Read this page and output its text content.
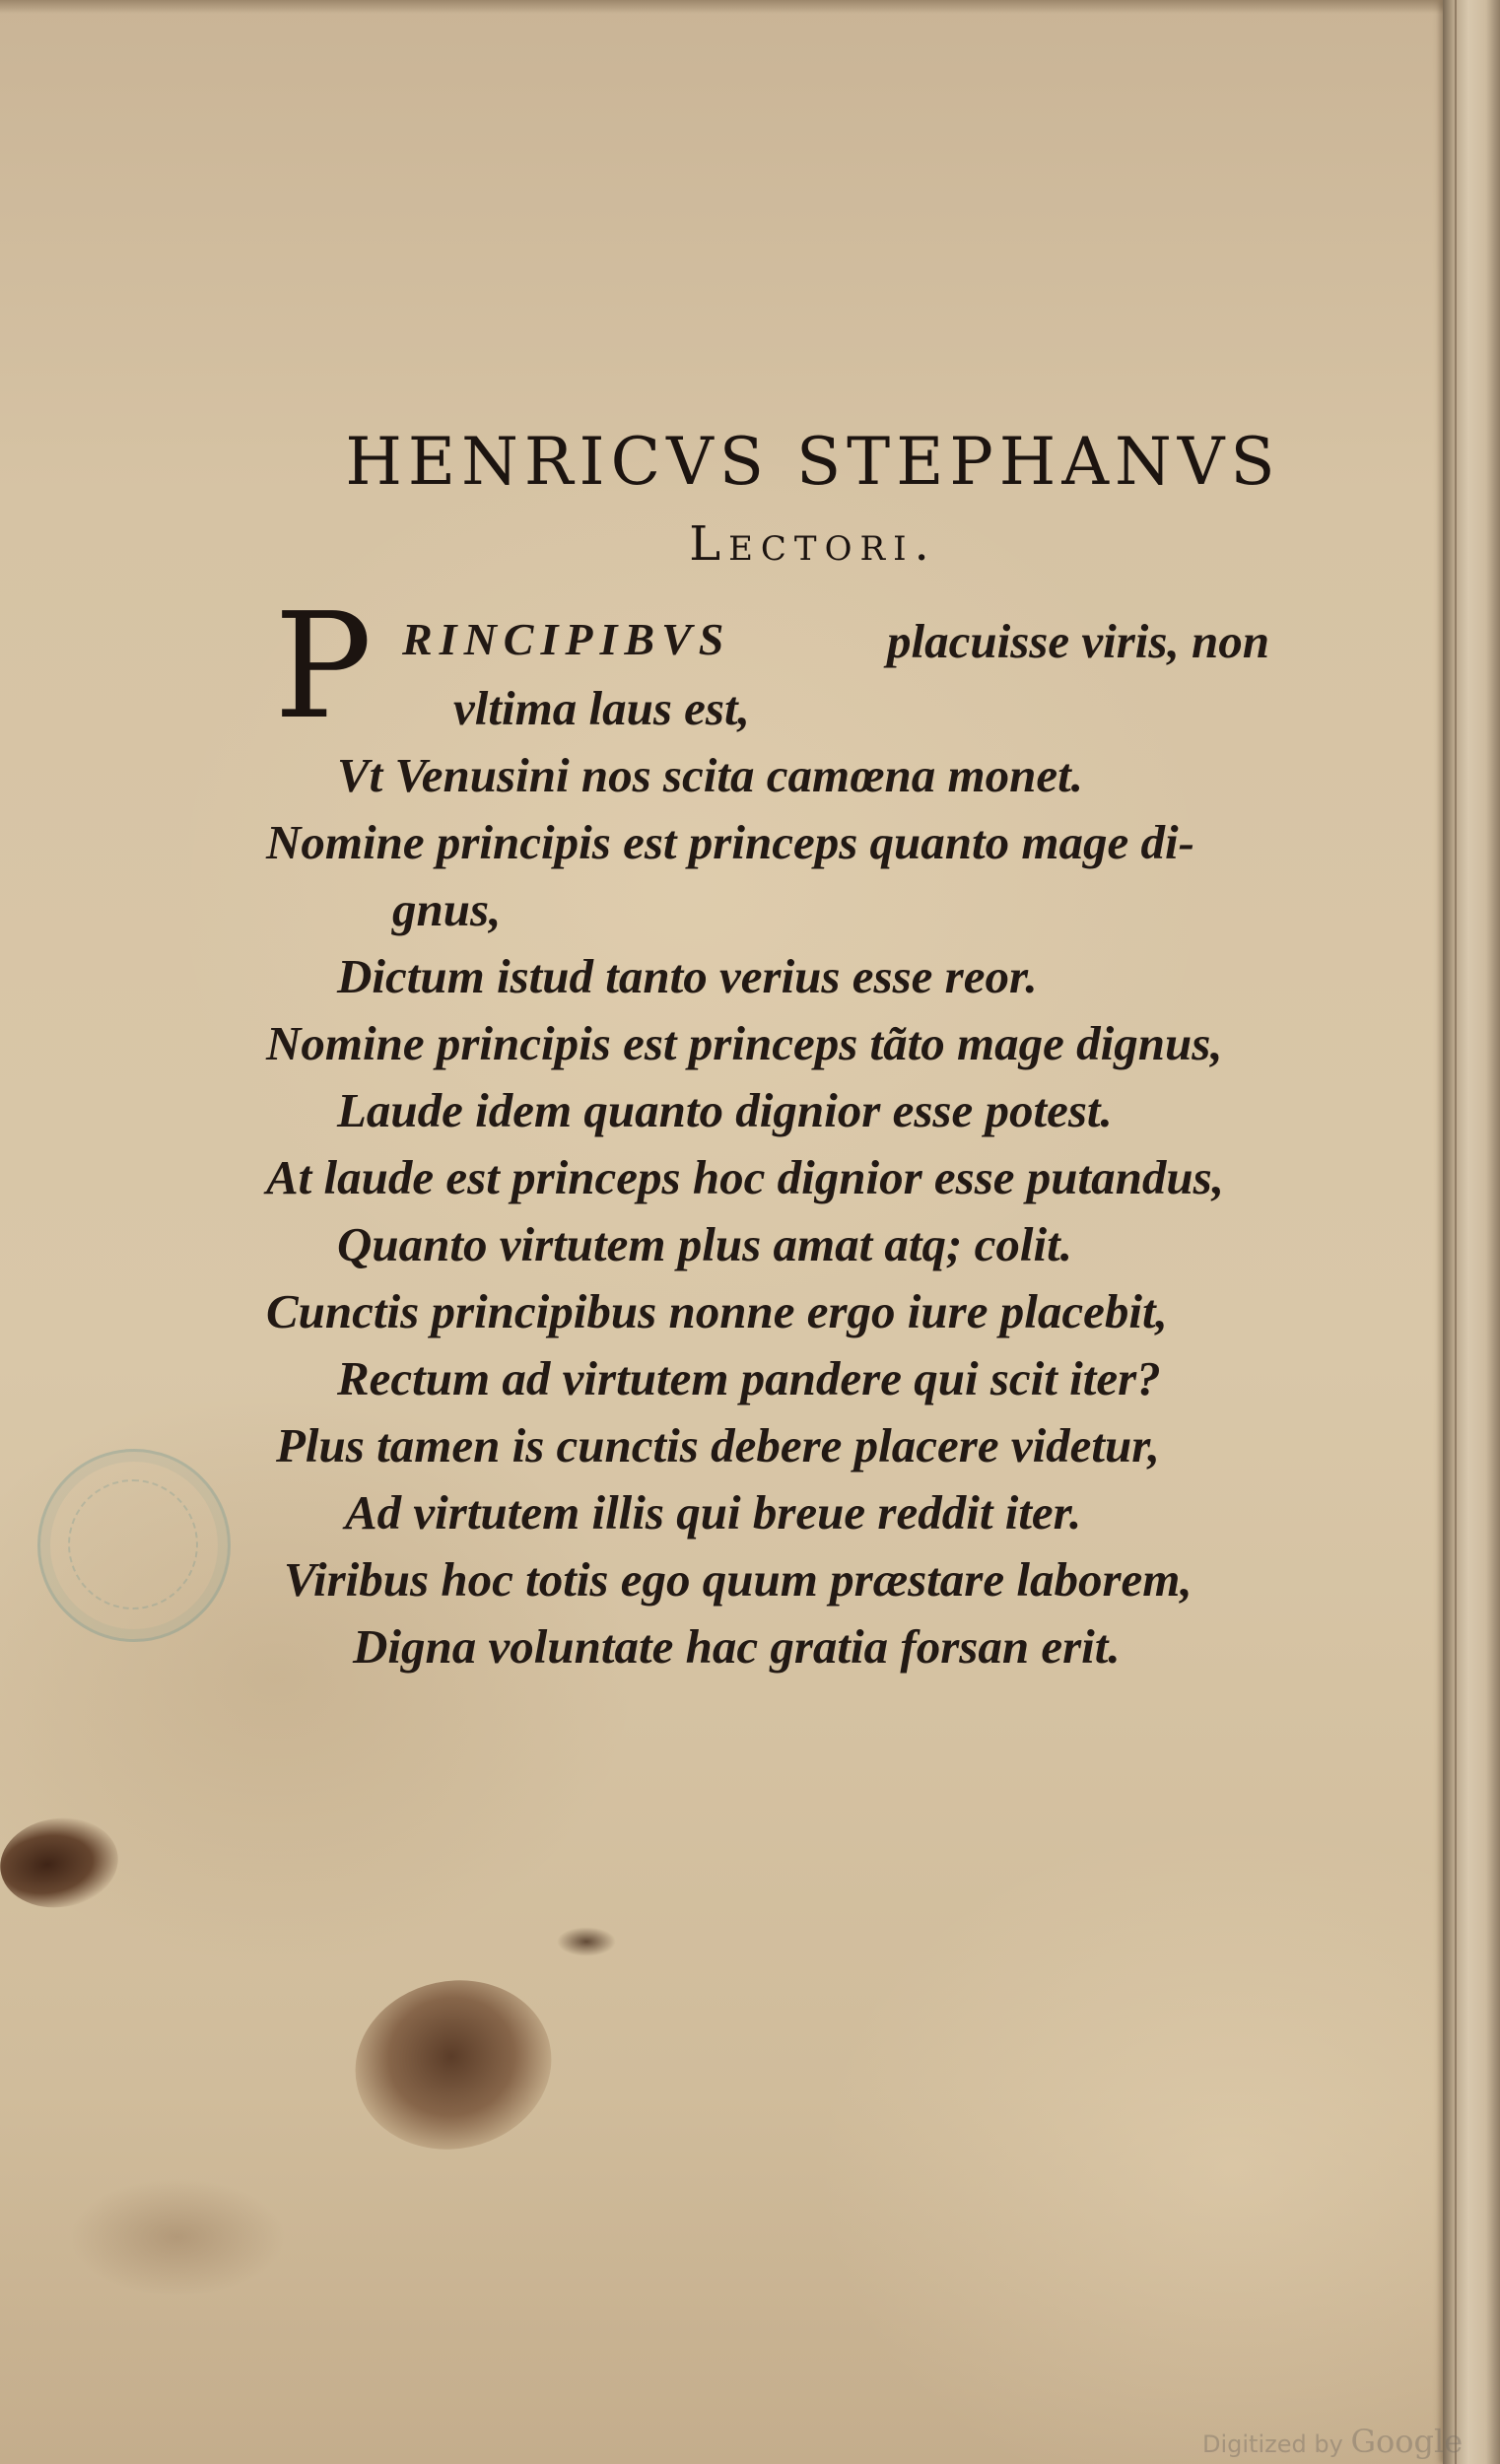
HENRICVS STEPHANVS
Lectori.
P RINCIPIBVS	placuisse viris, non
vltima laus est,
Vt Venusini nos scita camœna monet.
Nomine principis est princeps quanto mage di-
gnus,
Dictum istud tanto verius esse reor.
Nomine principis est princeps tãto mage dignus,
Laude idem quanto dignior esse potest.
At laude est princeps hoc dignior esse putandus,
Quanto virtutem plus amat atq; colit.
Cunctis principibus nonne ergo iure placebit,
Rectum ad virtutem pandere qui scit iter?
Plus tamen is cunctis debere placere videtur,
Ad virtutem illis qui breue reddit iter.
Viribus hoc totis ego quum præstare laborem,
Digna voluntate hac gratia forsan erit.
Digitized by Google
